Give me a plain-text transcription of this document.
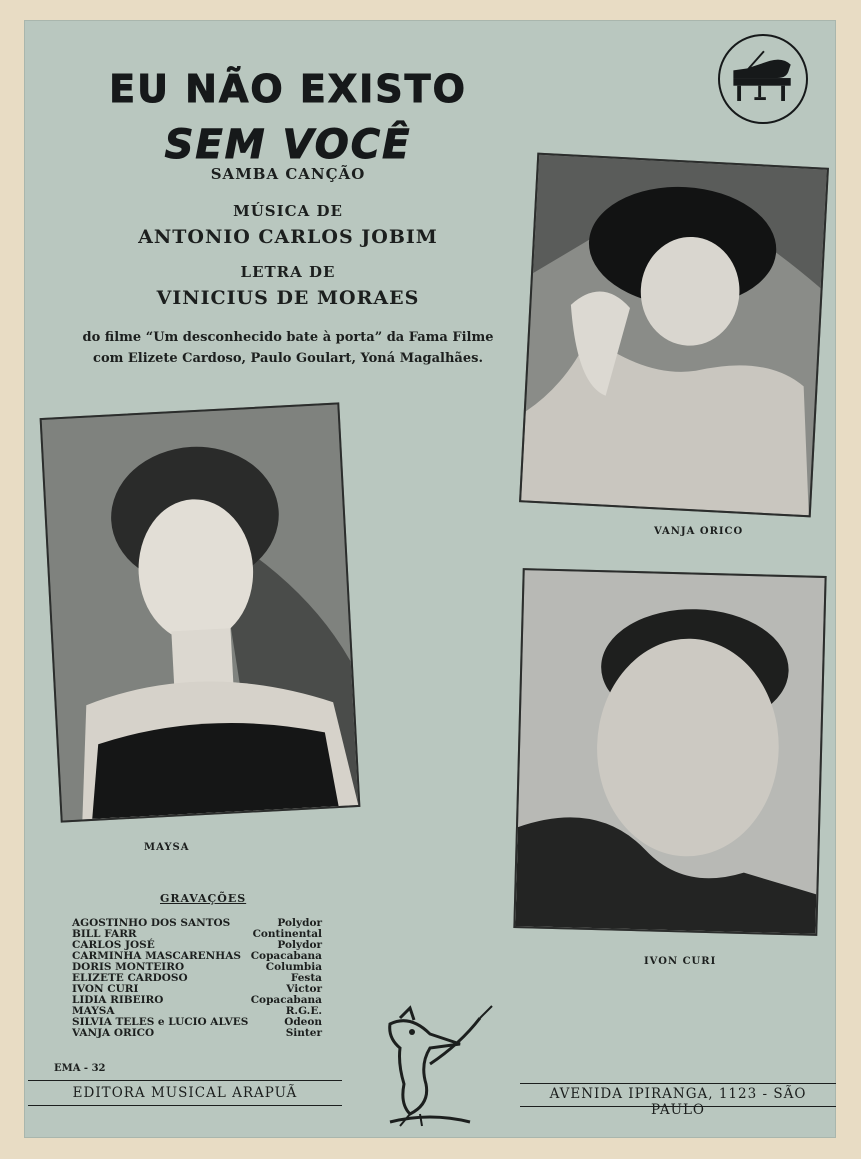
EU NÃO EXISTO
SEM VOCÊ
SAMBA CANÇÃO
MÚSICA DE
ANTONIO CARLOS JOBIM
LETRA DE
VINICIUS DE MORAES
do filme “Um desconhecido bate à porta” da Fama Filme
com Elizete Cardoso, Paulo Goulart, Yoná Magalhães.
VANJA ORICO
MAYSA
IVON CURI
GRAVAÇÕES
AGOSTINHO DOS SANTOS	Polydor
BILL FARR	Continental
CARLOS JOSÉ	Polydor
CARMINHA MASCARENHAS Copacabana
DORIS MONTEIRO	Columbia
ELIZETE CARDOSO	Festa
IVON CURI	Victor
LIDIA RIBEIRO	Copacabana
MAYSA	R.G.E.
SILVIA TELES e LUCIO ALVES	Odeon
VANJA ORICO	Sinter
EMA - 32
EDITORA MUSICAL ARAPUÃ	AVENIDA IPIRANGA, 1123 - SÃO PAULO
